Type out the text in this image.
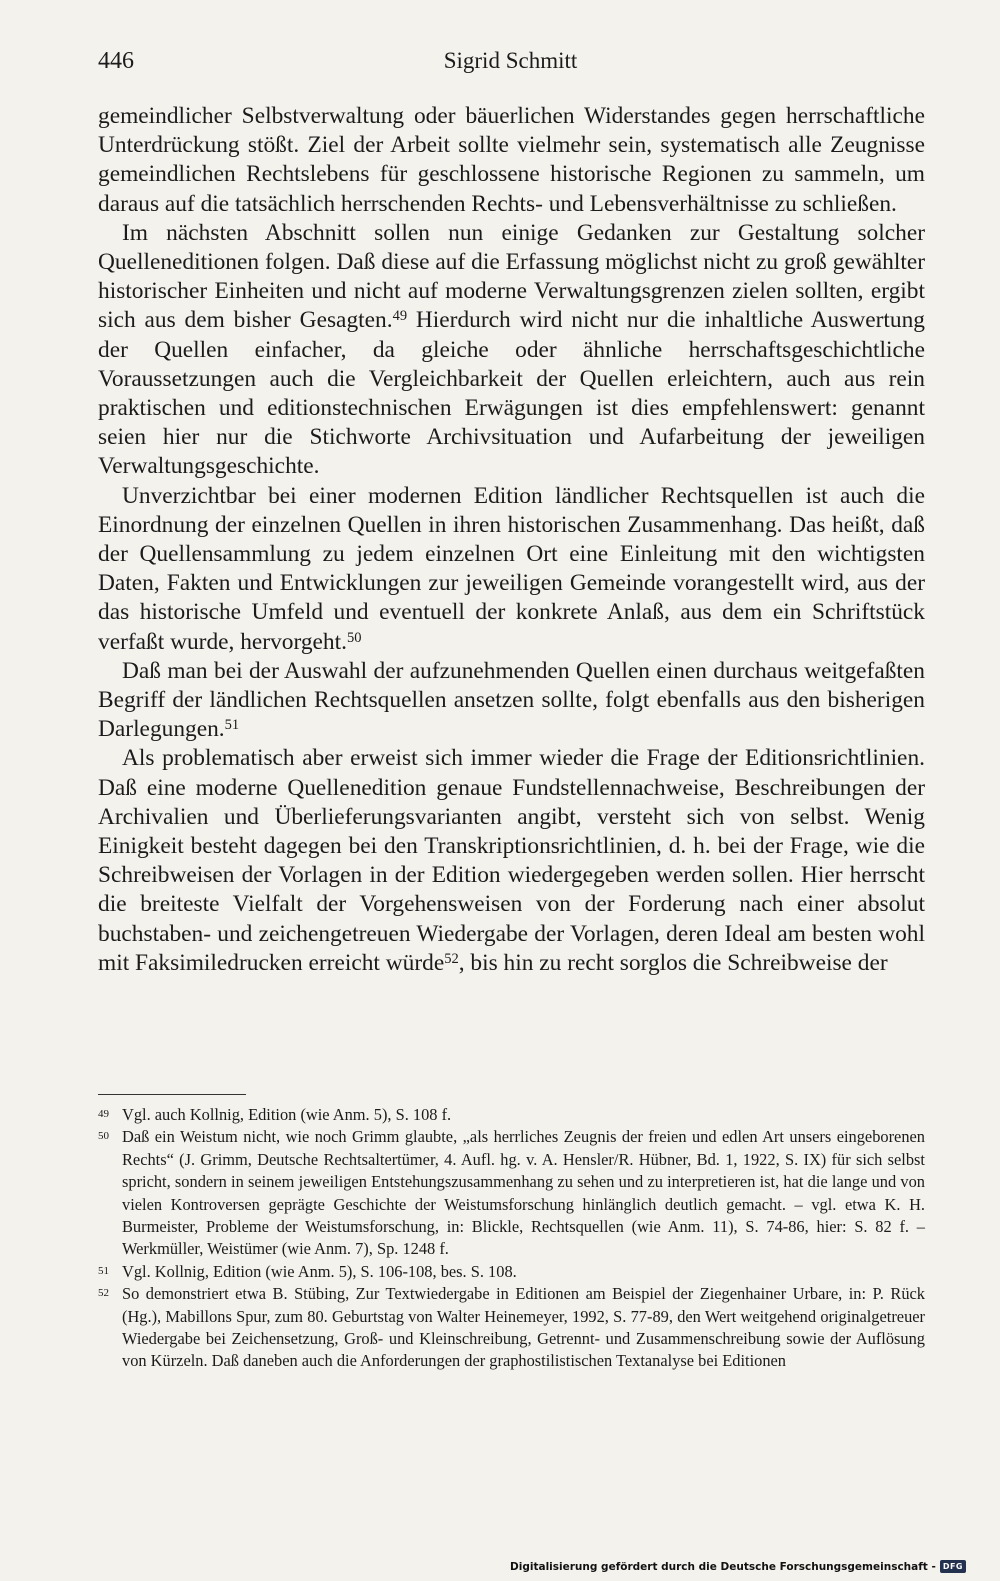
446	Sigrid Schmitt

gemeindlicher Selbstverwaltung oder bäuerlichen Widerstandes gegen herrschaftliche Unterdrückung stößt. Ziel der Arbeit sollte vielmehr sein, systematisch alle Zeugnisse gemeindlichen Rechtslebens für geschlossene historische Regionen zu sammeln, um daraus auf die tatsächlich herrschenden Rechts- und Lebensverhältnisse zu schließen.

Im nächsten Abschnitt sollen nun einige Gedanken zur Gestaltung solcher Quelleneditionen folgen. Daß diese auf die Erfassung möglichst nicht zu groß gewählter historischer Einheiten und nicht auf moderne Verwaltungsgrenzen zielen sollten, ergibt sich aus dem bisher Gesagten.$^{49}$ Hierdurch wird nicht nur die inhaltliche Auswertung der Quellen einfacher, da gleiche oder ähnliche herrschaftsgeschichtliche Voraussetzungen auch die Vergleichbarkeit der Quellen erleichtern, auch aus rein praktischen und editionstechnischen Erwägungen ist dies empfehlenswert: genannt seien hier nur die Stichworte Archivsituation und Aufarbeitung der jeweiligen Verwaltungsgeschichte.

Unverzichtbar bei einer modernen Edition ländlicher Rechtsquellen ist auch die Einordnung der einzelnen Quellen in ihren historischen Zusammenhang. Das heißt, daß der Quellensammlung zu jedem einzelnen Ort eine Einleitung mit den wichtigsten Daten, Fakten und Entwicklungen zur jeweiligen Gemeinde vorangestellt wird, aus der das historische Umfeld und eventuell der konkrete Anlaß, aus dem ein Schriftstück verfaßt wurde, hervorgeht.$^{50}$

Daß man bei der Auswahl der aufzunehmenden Quellen einen durchaus weitgefaßten Begriff der ländlichen Rechtsquellen ansetzen sollte, folgt ebenfalls aus den bisherigen Darlegungen.$^{51}$

Als problematisch aber erweist sich immer wieder die Frage der Editionsrichtlinien. Daß eine moderne Quellenedition genaue Fundstellennachweise, Beschreibungen der Archivalien und Überlieferungsvarianten angibt, versteht sich von selbst. Wenig Einigkeit besteht dagegen bei den Transkriptionsrichtlinien, d. h. bei der Frage, wie die Schreibweisen der Vorlagen in der Edition wiedergegeben werden sollen. Hier herrscht die breiteste Vielfalt der Vorgehensweisen von der Forderung nach einer absolut buchstaben- und zeichengetreuen Wiedergabe der Vorlagen, deren Ideal am besten wohl mit Faksimiledrucken erreicht würde$^{52}$, bis hin zu recht sorglos die Schreibweise der

49 Vgl. auch Kollnig, Edition (wie Anm. 5), S. 108 f.
50 Daß ein Weistum nicht, wie noch Grimm glaubte, „als herrliches Zeugnis der freien und edlen Art unsers eingeborenen Rechts“ (J. Grimm, Deutsche Rechtsaltertümer, 4. Aufl. hg. v. A. Hensler/R. Hübner, Bd. 1, 1922, S. IX) für sich selbst spricht, sondern in seinem jeweiligen Entstehungszusammenhang zu sehen und zu interpretieren ist, hat die lange und von vielen Kontroversen geprägte Geschichte der Weistumsforschung hinlänglich deutlich gemacht. – vgl. etwa K. H. Burmeister, Probleme der Weistumsforschung, in: Blickle, Rechtsquellen (wie Anm. 11), S. 74-86, hier: S. 82 f. – Werkmüller, Weistümer (wie Anm. 7), Sp. 1248 f.
51 Vgl. Kollnig, Edition (wie Anm. 5), S. 106-108, bes. S. 108.
52 So demonstriert etwa B. Stübing, Zur Textwiedergabe in Editionen am Beispiel der Ziegenhainer Urbare, in: P. Rück (Hg.), Mabillons Spur, zum 80. Geburtstag von Walter Heinemeyer, 1992, S. 77-89, den Wert weitgehend originalgetreuer Wiedergabe bei Zeichensetzung, Groß- und Kleinschreibung, Getrennt- und Zusammenschreibung sowie der Auflösung von Kürzeln. Daß daneben auch die Anforderungen der graphostilistischen Textanalyse bei Editionen
Digitalisierung gefördert durch die Deutsche Forschungsgemeinschaft - DFG
